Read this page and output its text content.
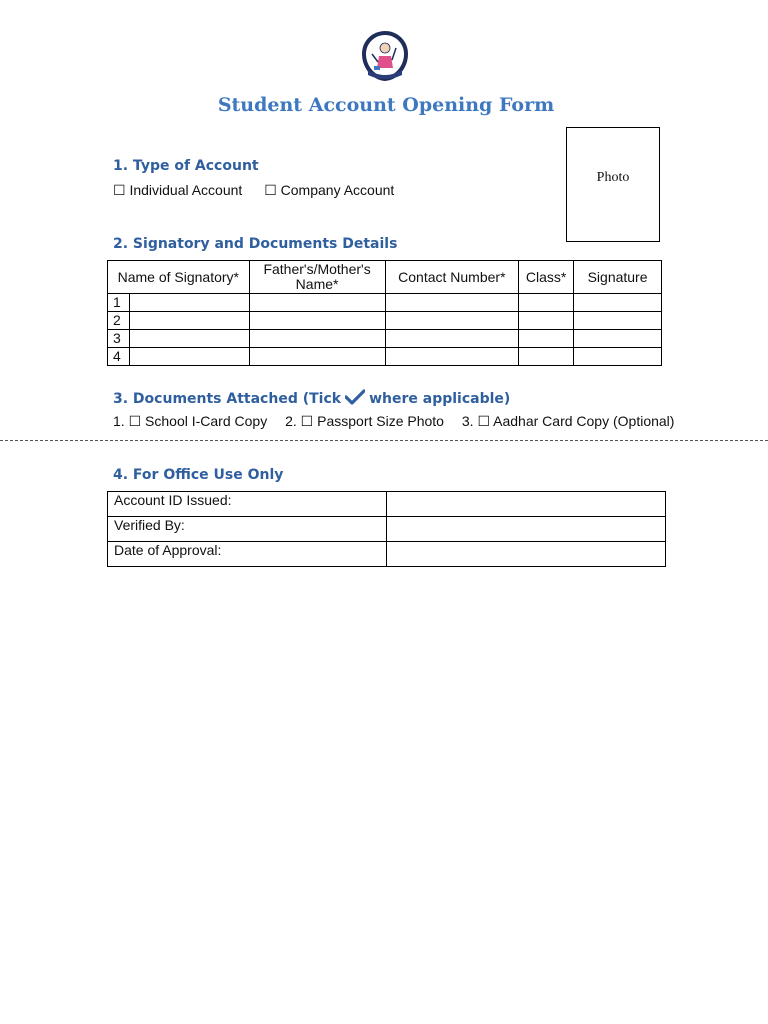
Student Account Opening Form
Photo
1. Type of Account
☐ Individual Account ☐ Company Account
2. Signatory and Documents Details
Name of Signatory*		Father's/Mother's Name*	Contact Number*	Class*	Signature
1					
2					
3					
4					
3. Documents Attached (Tick where applicable)
1. ☐ School I-Card Copy 2. ☐ Passport Size Photo 3. ☐ Aadhar Card Copy (Optional)
4. For Office Use Only
Account ID Issued:	
Verified By:	
Date of Approval:	
